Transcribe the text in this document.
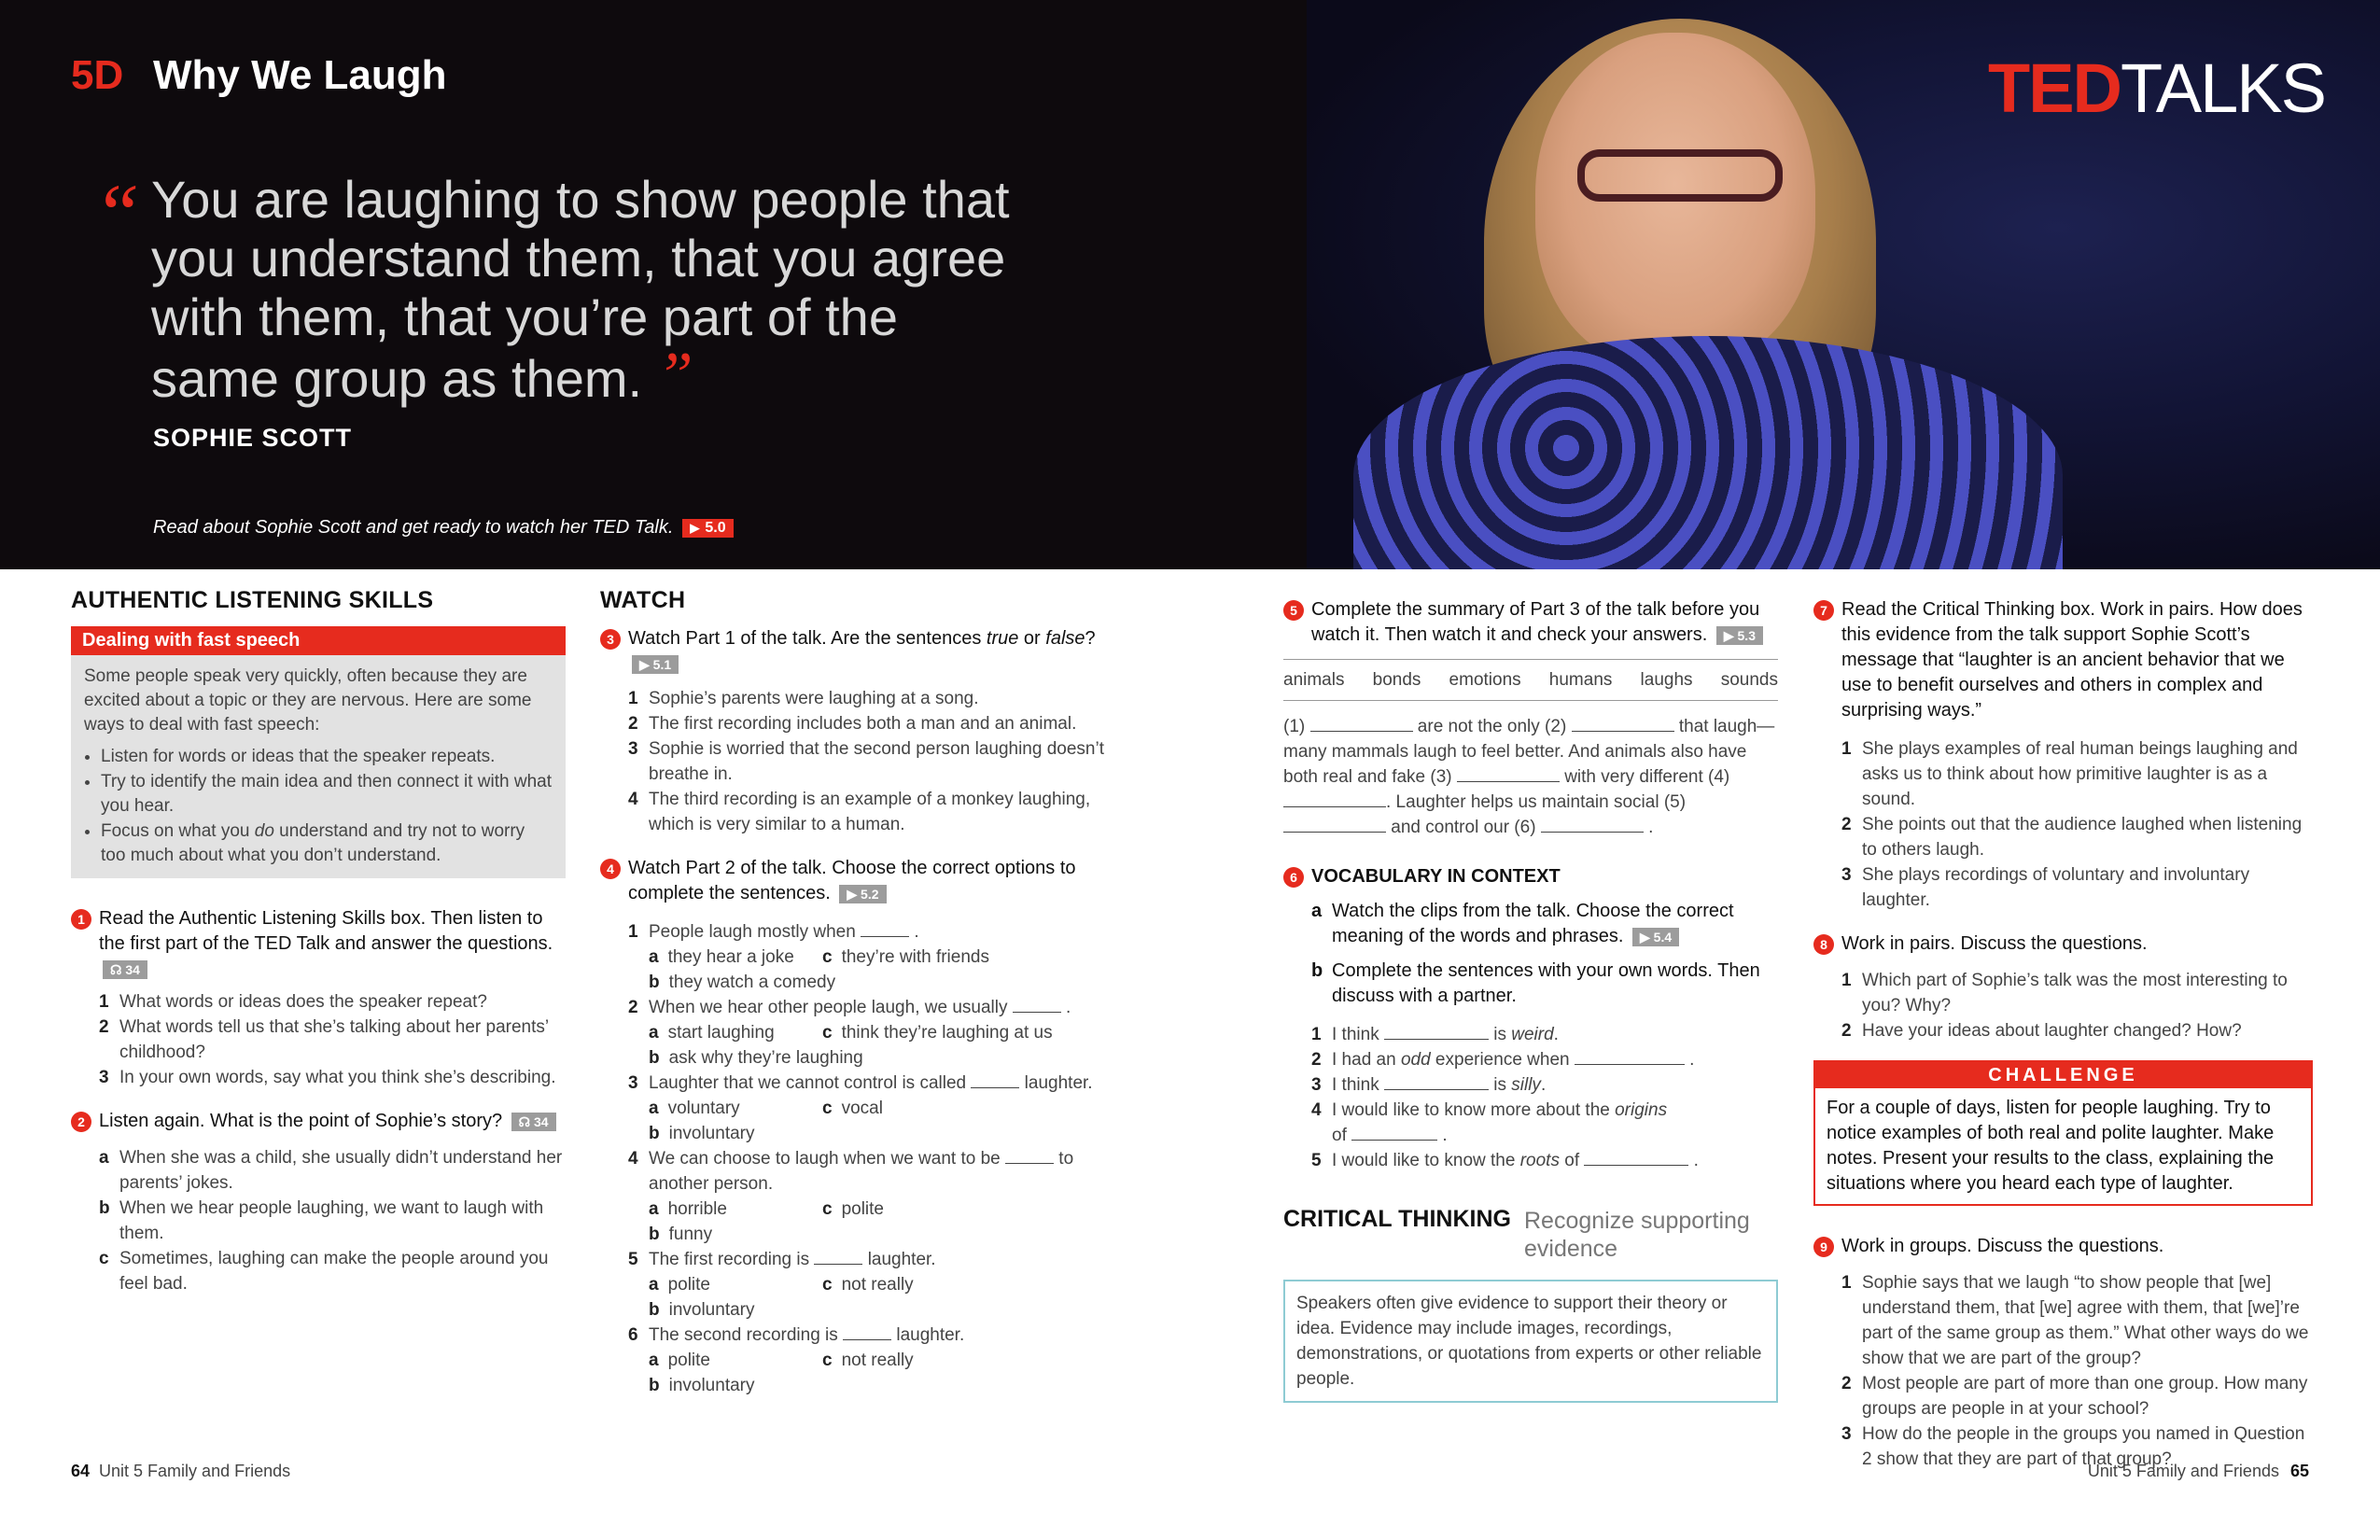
5D Why We Laugh	TEDTALKS
“ You are laughing to show people that you understand them, that you agree with them, that you’re part of the same group as them. ”
SOPHIE SCOTT
Read about Sophie Scott and get ready to watch her TED Talk. ▶ 5.0
AUTHENTIC LISTENING SKILLS
Dealing with fast speech
Some people speak very quickly, often because they are excited about a topic or they are nervous. Here are some ways to deal with fast speech:
• Listen for words or ideas that the speaker repeats.
• Try to identify the main idea and then connect it with what you hear.
• Focus on what you do understand and try not to worry too much about what you don’t understand.
1 Read the Authentic Listening Skills box. Then listen to the first part of the TED Talk and answer the questions.
☊ 34
1 What words or ideas does the speaker repeat?
2 What words tell us that she’s talking about her parents’ childhood?
3 In your own words, say what you think she’s describing.
2 Listen again. What is the point of Sophie’s story? ☊ 34
a When she was a child, she usually didn’t understand her parents’ jokes.
b When we hear people laughing, we want to laugh with them.
c Sometimes, laughing can make the people around you feel bad.
WATCH
3 Watch Part 1 of the talk. Are the sentences true or false?
▶ 5.1
1 Sophie’s parents were laughing at a song.
2 The first recording includes both a man and an animal.
3 Sophie is worried that the second person laughing doesn’t breathe in.
4 The third recording is an example of a monkey laughing, which is very similar to a human.
4 Watch Part 2 of the talk. Choose the correct options to complete the sentences. ▶ 5.2
1 People laugh mostly when	.
a they hear a joke c they’re with friends
b they watch a comedy
2 When we hear other people laugh, we usually	.
a start laughing	c think they’re laughing at us
b ask why they’re laughing
3 Laughter that we cannot control is called	laughter.
a voluntary	c vocal
b involuntary
4 We can choose to laugh when we want to be	to another person.
a horrible	c polite
b funny
5 The first recording is	laughter.
a polite	c not really
b involuntary
6 The second recording is	laughter.
a polite	c not really
b involuntary
5 Complete the summary of Part 3 of the talk before you watch it. Then watch it and check your answers. ▶ 5.3
animals bonds emotions humans laughs sounds
(1)	are not the only (2)	that laugh—many mammals laugh to feel better. And animals also have both real and fake (3)	with very different (4) . Laughter helps us maintain social (5)  and control our (6)	.
6 VOCABULARY IN CONTEXT
a Watch the clips from the talk. Choose the correct meaning of the words and phrases. ▶ 5.4
b Complete the sentences with your own words. Then discuss with a partner.
1 I think	is weird.
2 I had an odd experience when	.
3 I think	is silly.
4 I would like to know more about the origins
of	.
5 I would like to know the roots of	.
CRITICAL THINKING Recognize supporting evidence
Speakers often give evidence to support their theory or idea. Evidence may include images, recordings, demonstrations, or quotations from experts or other reliable people.
7 Read the Critical Thinking box. Work in pairs. How does this evidence from the talk support Sophie Scott’s message that “laughter is an ancient behavior that we use to benefit ourselves and others in complex and surprising ways.”
1 She plays examples of real human beings laughing and asks us to think about how primitive laughter is as a sound.
2 She points out that the audience laughed when listening to others laugh.
3 She plays recordings of voluntary and involuntary laughter.
8 Work in pairs. Discuss the questions.
1 Which part of Sophie’s talk was the most interesting to you? Why?
2 Have your ideas about laughter changed? How?
CHALLENGE
For a couple of days, listen for people laughing. Try to notice examples of both real and polite laughter. Make notes. Present your results to the class, explaining the situations where you heard each type of laughter.
9 Work in groups. Discuss the questions.
1 Sophie says that we laugh “to show people that [we] understand them, that [we] agree with them, that [we]’re part of the same group as them.” What other ways do we show that we are part of the group?
2 Most people are part of more than one group. How many groups are people in at your school?
3 How do the people in the groups you named in Question 2 show that they are part of that group?
64 Unit 5 Family and Friends	Unit 5 Family and Friends 65
